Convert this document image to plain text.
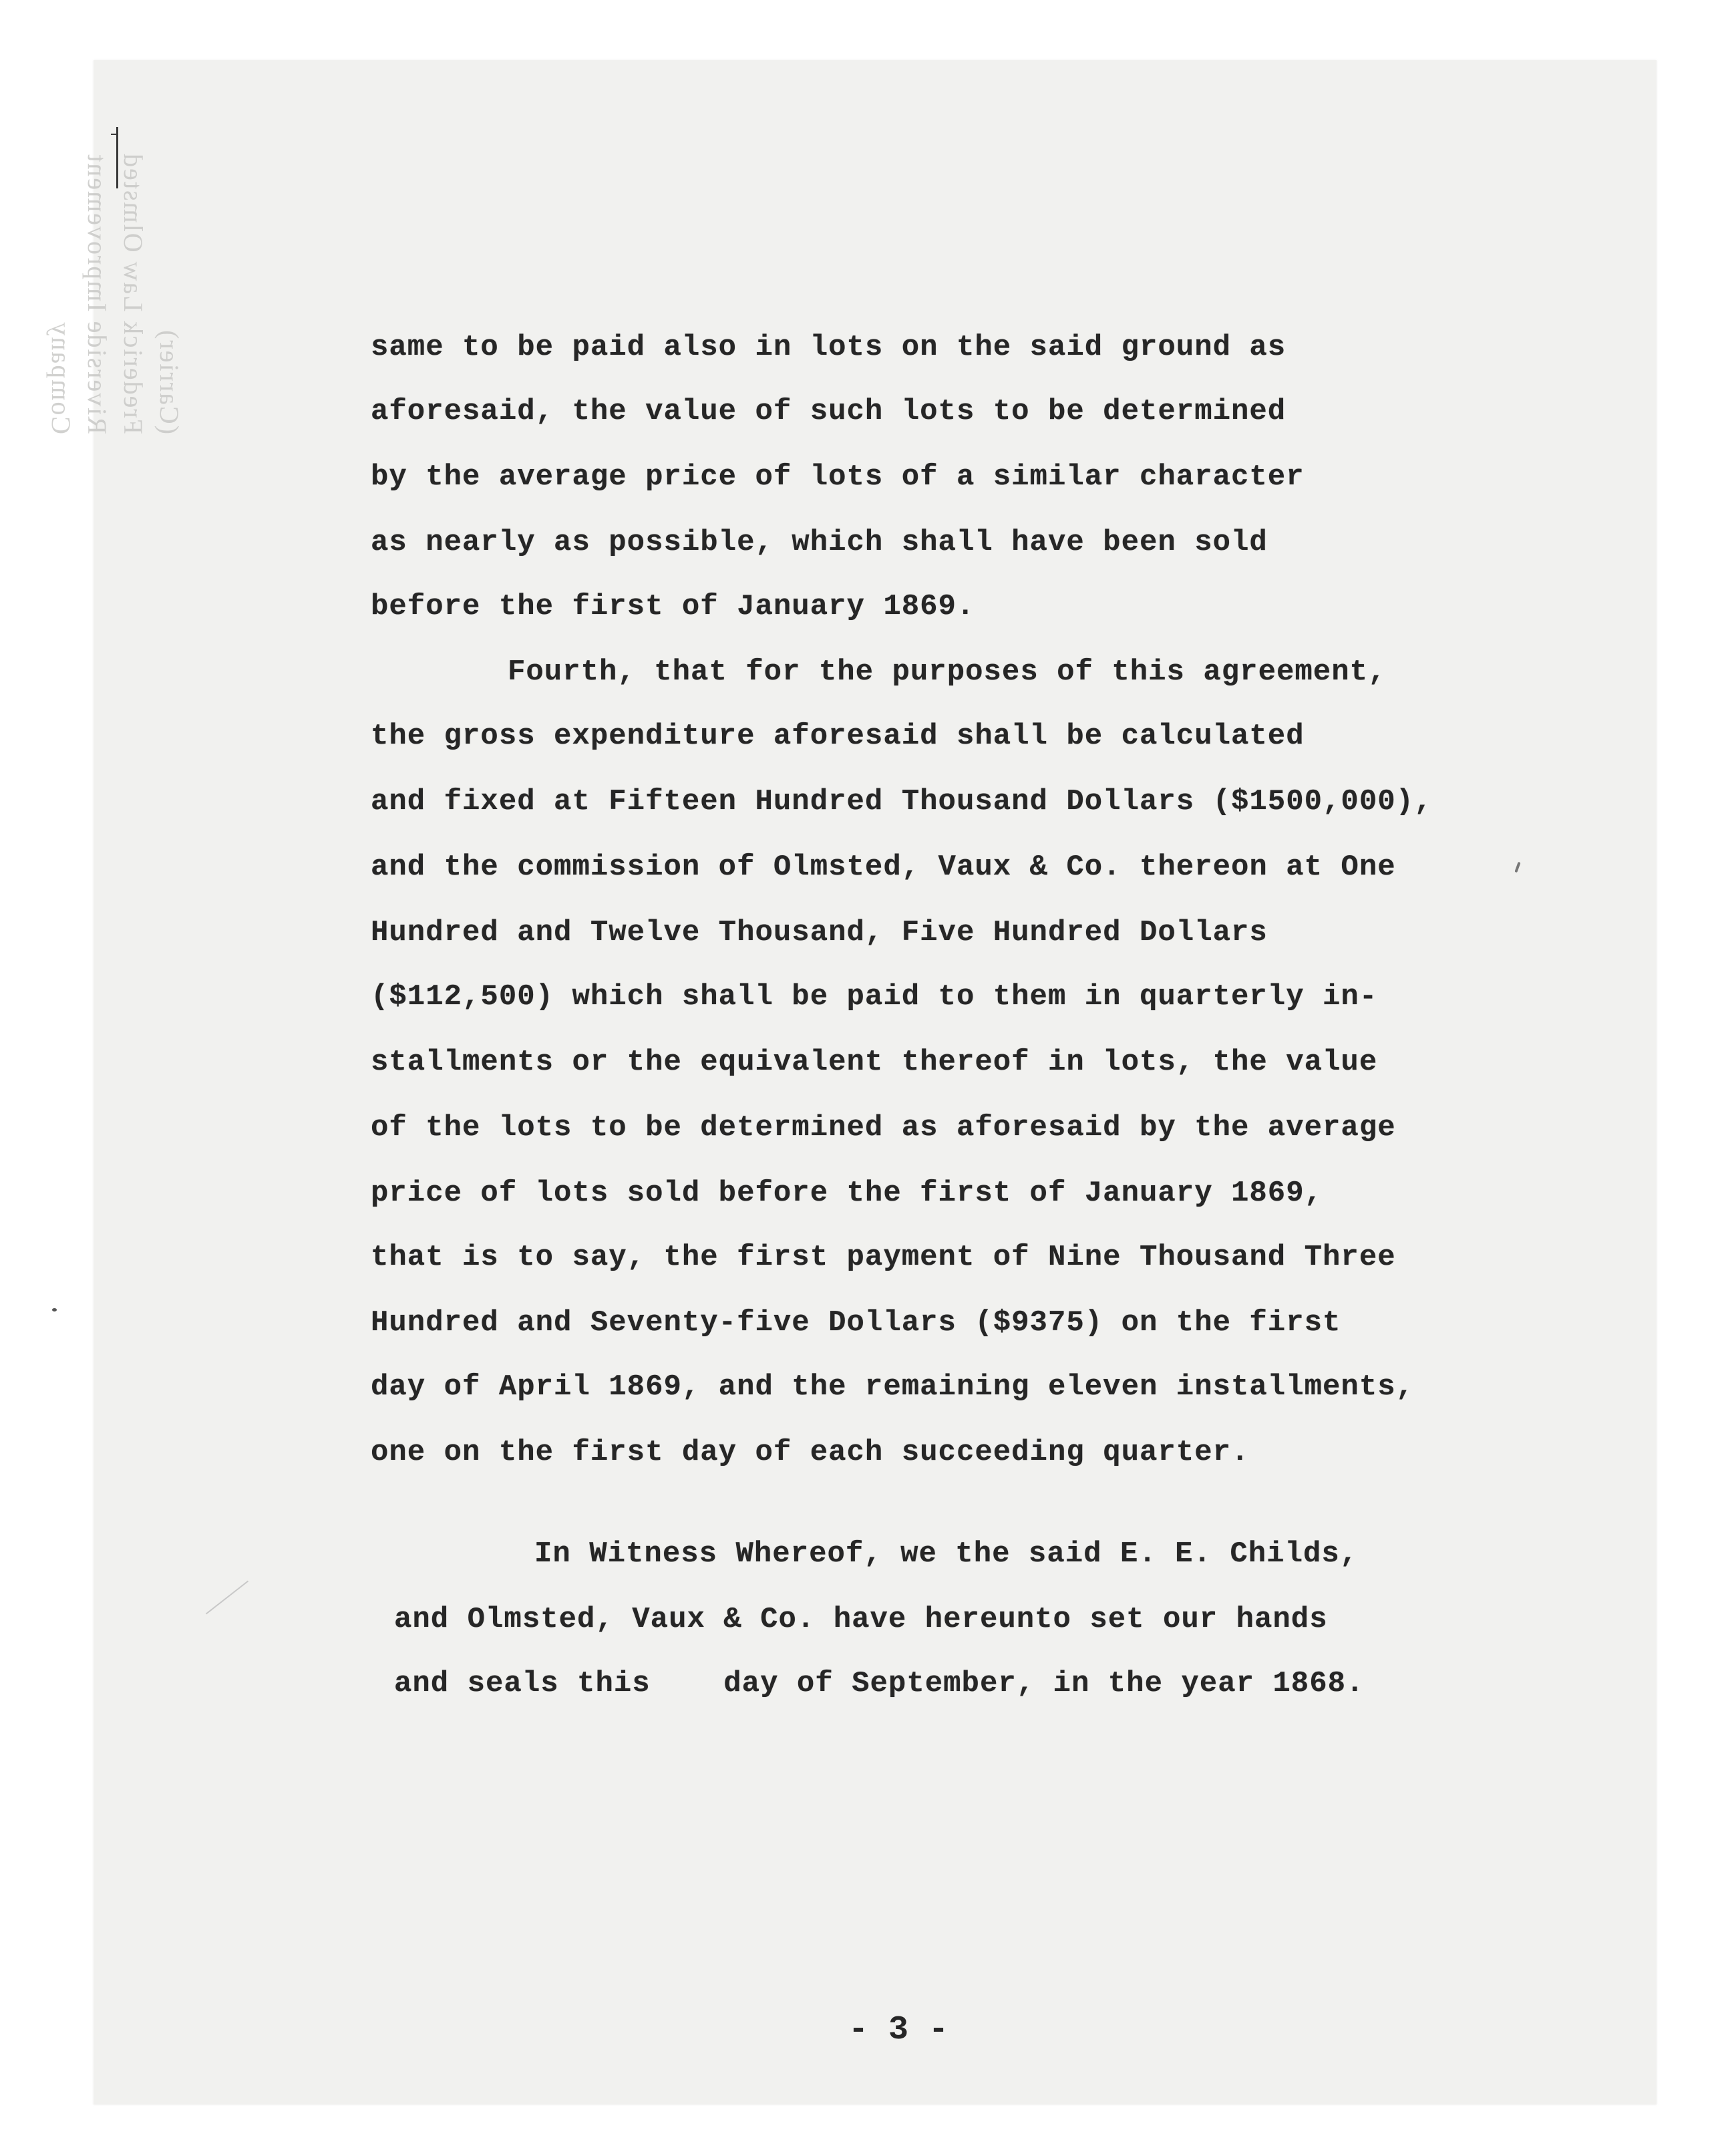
(Carrier)
Frederick Law Olmsted
Riverside Improvement
Company	same to be paid also in lots on the said ground as
aforesaid, the value of such lots to be determined
by the average price of lots of a similar character
as nearly as possible, which shall have been sold
before the first of January 1869.
Fourth, that for the purposes of this agreement,
the gross expenditure aforesaid shall be calculated
and fixed at Fifteen Hundred Thousand Dollars ($1500,000),
and the commission of Olmsted, Vaux & Co. thereon at One
Hundred and Twelve Thousand, Five Hundred Dollars
($112,500) which shall be paid to them in quarterly in-
stallments or the equivalent thereof in lots, the value
of the lots to be determined as aforesaid by the average
price of lots sold before the first of January 1869,
that is to say, the first payment of Nine Thousand Three
Hundred and Seventy-five Dollars ($9375) on the first
day of April 1869, and the remaining eleven installments,
one on the first day of each succeeding quarter.
In Witness Whereof, we the said E. E. Childs,
and Olmsted, Vaux & Co. have hereunto set our hands
and seals this    day of September, in the year 1868.
- 3 -
